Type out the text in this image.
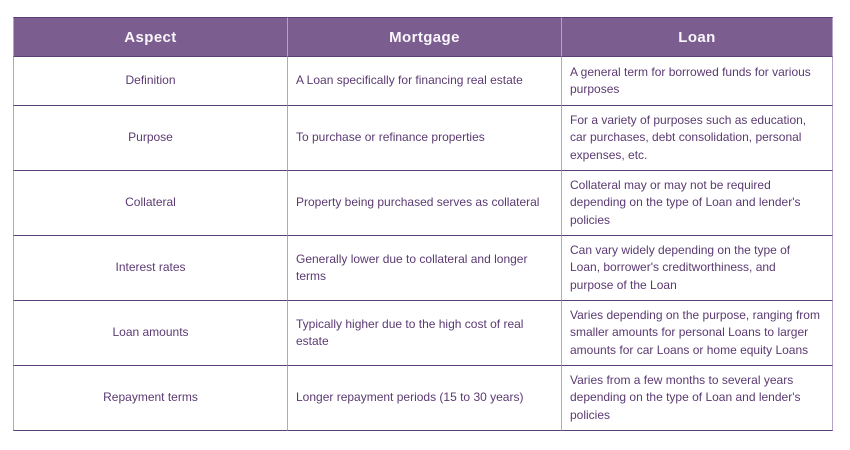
Aspect	Mortgage	Loan
Definition	A Loan specifically for financing real estate	A general term for borrowed funds for various purposes
Purpose	To purchase or refinance properties	For a variety of purposes such as education, car purchases, debt consolidation, personal expenses, etc.
Collateral	Property being purchased serves as collateral	Collateral may or may not be required depending on the type of Loan and lender's policies
Interest rates	Generally lower due to collateral and longer terms	Can vary widely depending on the type of Loan, borrower's creditworthiness, and purpose of the Loan
Loan amounts	Typically higher due to the high cost of real estate	Varies depending on the purpose, ranging from smaller amounts for personal Loans to larger amounts for car Loans or home equity Loans
Repayment terms	Longer repayment periods (15 to 30 years)	Varies from a few months to several years depending on the type of Loan and lender's policies
